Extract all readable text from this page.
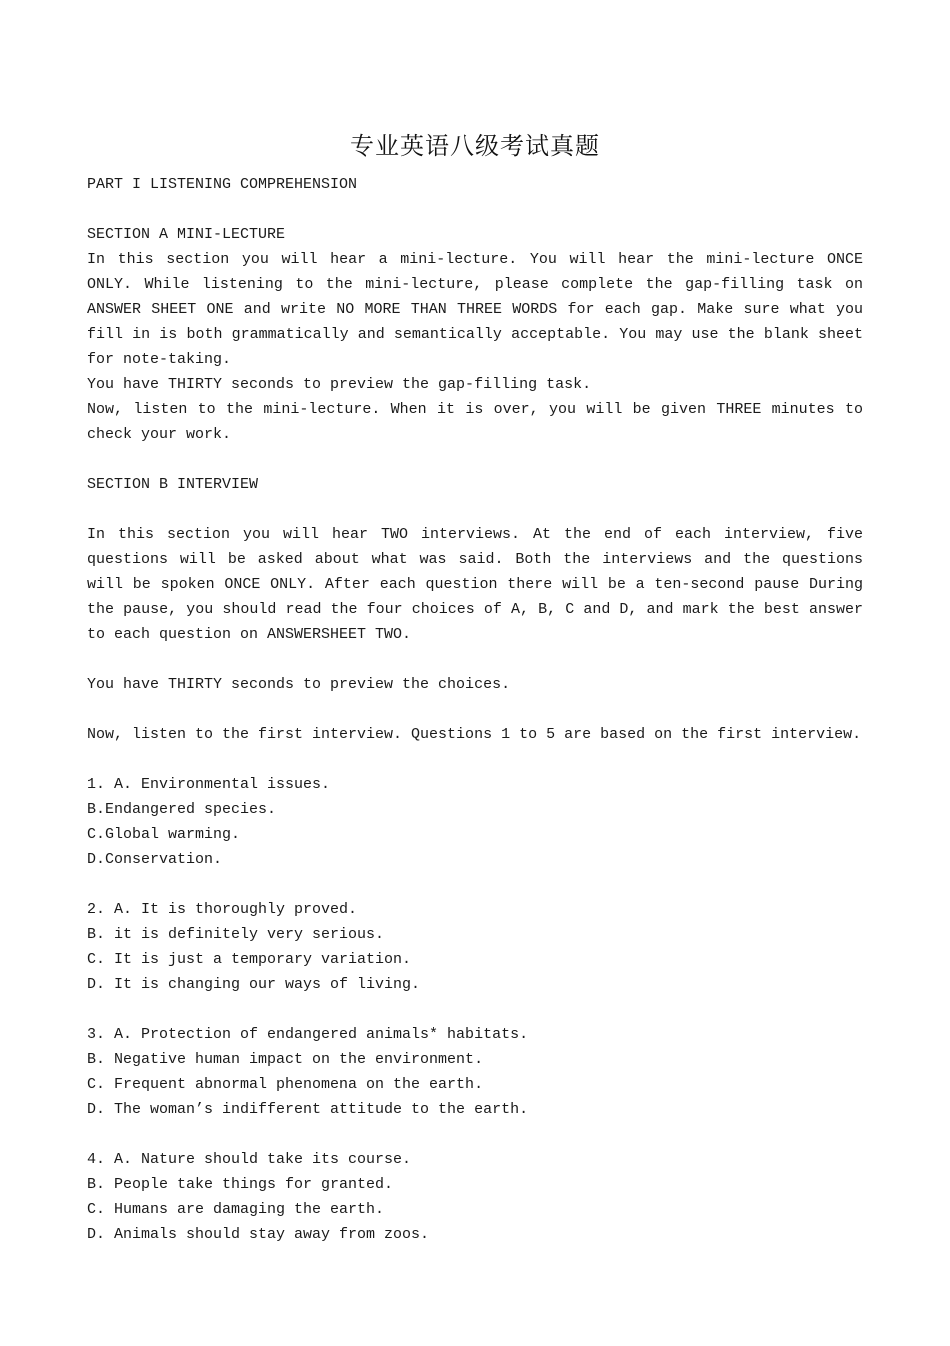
专业英语八级考试真题
PART I LISTENING COMPREHENSION
SECTION A MINI-LECTURE
In this section you will hear a mini-lecture. You will hear the mini-lecture ONCE ONLY. While listening to the mini-lecture, please complete the gap-filling task on ANSWER SHEET ONE and write NO MORE THAN THREE WORDS for each gap. Make sure what you fill in is both grammatically and semantically acceptable. You may use the blank sheet for note-taking.
You have THIRTY seconds to preview the gap-filling task.
Now, listen to the mini-lecture. When it is over, you will be given THREE minutes to check your work.
SECTION B INTERVIEW
In this section you will hear TWO interviews. At the end of each interview, five questions will be asked about what was said. Both the interviews and the questions will be spoken ONCE ONLY. After each question there will be a ten-second pause During the pause, you should read the four choices of A, B, C and D, and mark the best answer to each question on ANSWERSHEET TWO.
You have THIRTY seconds to preview the choices.
Now, listen to the first interview. Questions 1 to 5 are based on the first interview.
1. A. Environmental issues.
B.Endangered species.
C.Global warming.
D.Conservation.
2. A. It is thoroughly proved.
B. it is definitely very serious.
C. It is just a temporary variation.
D. It is changing our ways of living.
3. A. Protection of endangered animals* habitats.
B. Negative human impact on the environment.
C. Frequent abnormal phenomena on the earth.
D. The woman’s indifferent attitude to the earth.
4. A. Nature should take its course.
B. People take things for granted.
C. Humans are damaging the earth.
D. Animals should stay away from zoos.
